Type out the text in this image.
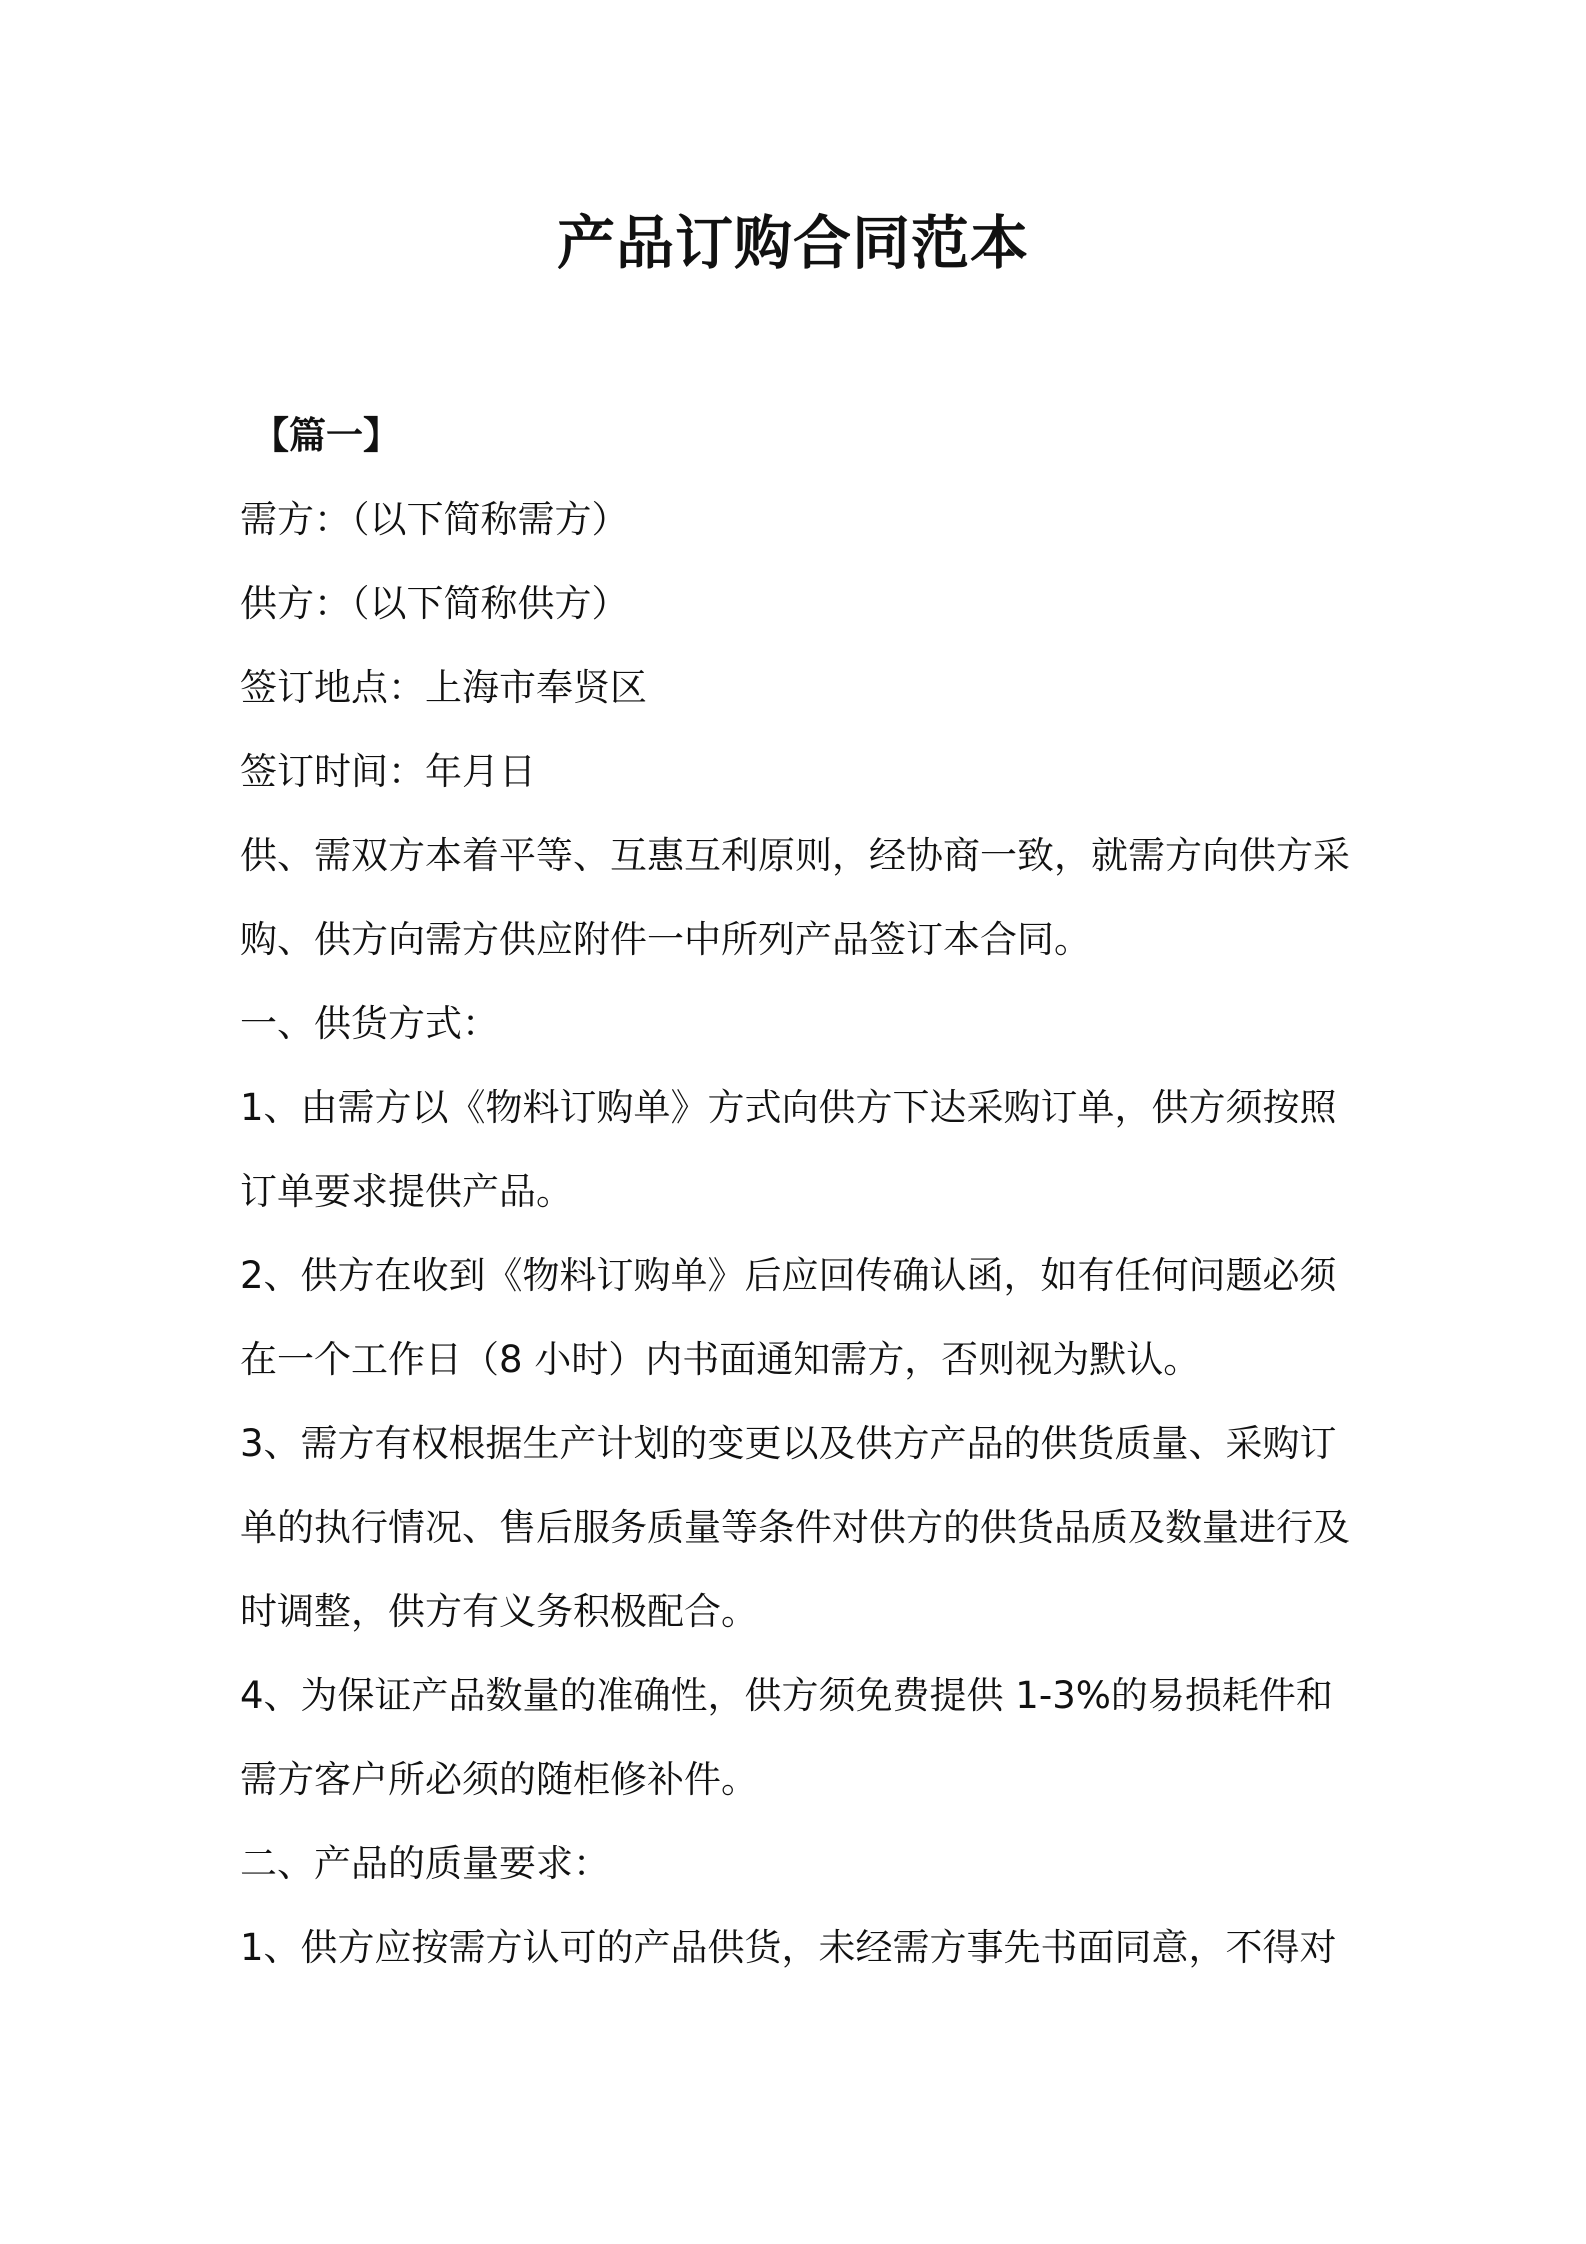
产品订购合同范本
【篇一】
需方：（以下简称需方）
供方：（以下简称供方）
签订地点：上海市奉贤区
签订时间：年月日
供、需双方本着平等、互惠互利原则，经协商一致，就需方向供方采
购、供方向需方供应附件一中所列产品签订本合同。
一、供货方式：
1、由需方以《物料订购单》方式向供方下达采购订单，供方须按照
订单要求提供产品。
2、供方在收到《物料订购单》后应回传确认函，如有任何问题必须
在一个工作日（8 小时）内书面通知需方，否则视为默认。
3、需方有权根据生产计划的变更以及供方产品的供货质量、采购订
单的执行情况、售后服务质量等条件对供方的供货品质及数量进行及
时调整，供方有义务积极配合。
4、为保证产品数量的准确性，供方须免费提供 1-3%的易损耗件和
需方客户所必须的随柜修补件。
二、产品的质量要求：
1、供方应按需方认可的产品供货，未经需方事先书面同意，不得对
